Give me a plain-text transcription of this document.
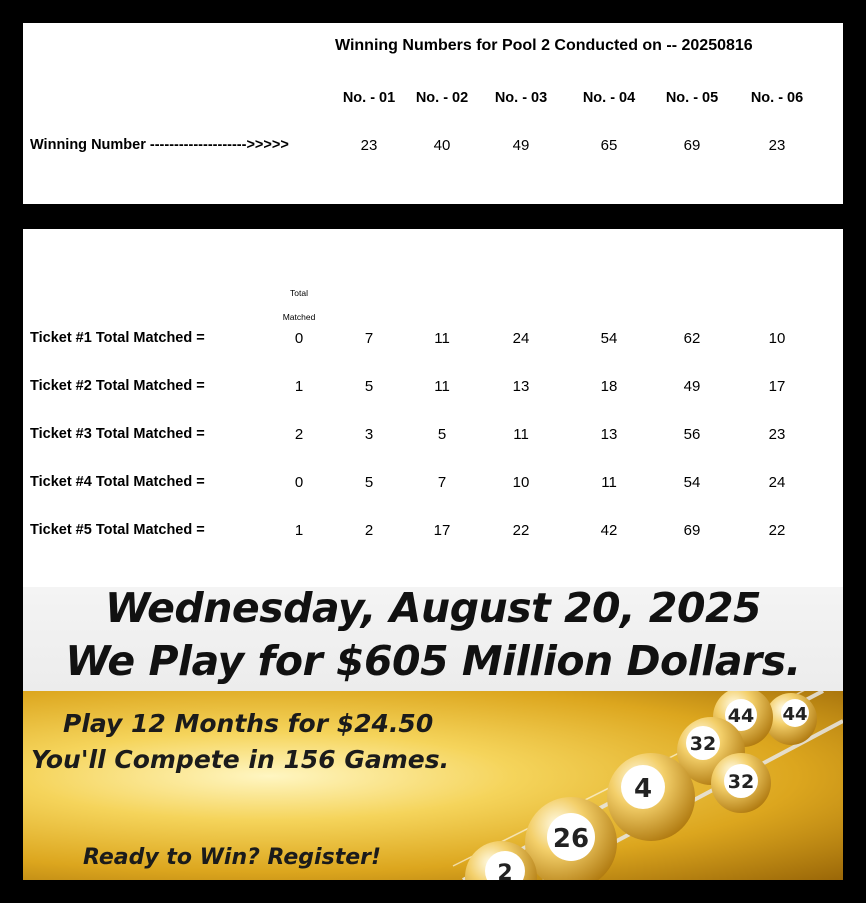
Winning Numbers for Pool 2 Conducted on -- 20250816
No. - 01 No. - 02 No. - 03 No. - 04 No. - 05 No. - 06
Winning Number -------------------->>>>>	23	40	49	65	69	23
Total
Matched
Ticket #1 Total Matched =	0	7	11	24	54	62	10
Ticket #2 Total Matched =	1	5	11	13	18	49	17
Ticket #3 Total Matched =	2	3	5	11	13	56	23
Ticket #4 Total Matched =	0	5	7	10	11	54	24
Ticket #5 Total Matched =	1	2	17	22	42	69	22
Wednesday, August 20, 2025
We Play for $605 Million Dollars.
44
44
32
32
4
26
2
Play 12 Months for $24.50
You'll Compete in 156 Games.
Ready to Win? Register!
